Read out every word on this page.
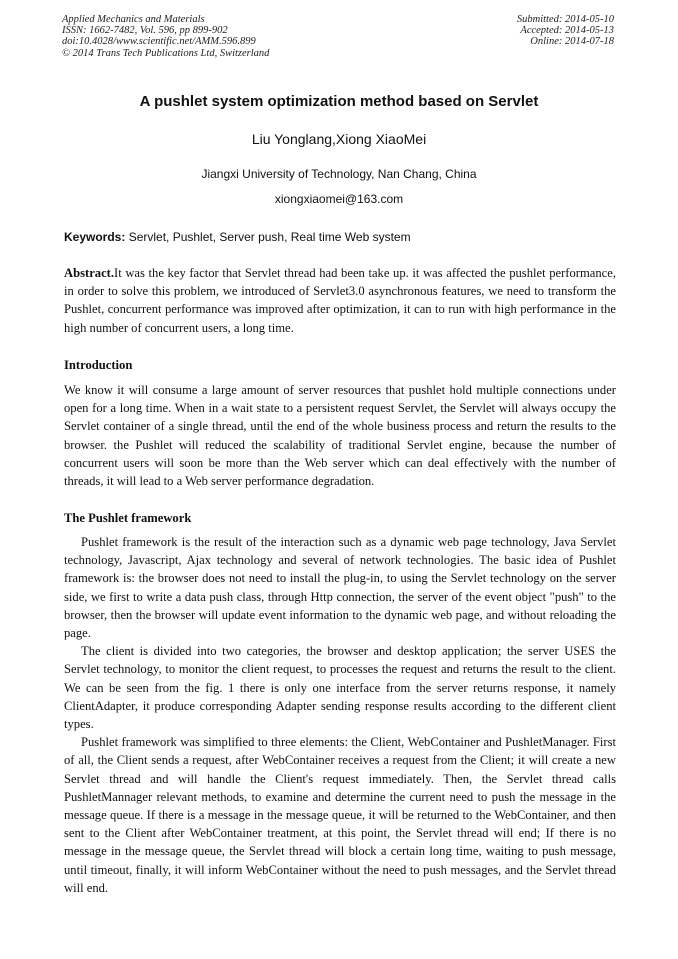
Applied Mechanics and Materials
ISSN: 1662-7482, Vol. 596, pp 899-902
doi:10.4028/www.scientific.net/AMM.596.899
© 2014 Trans Tech Publications Ltd, Switzerland
Submitted: 2014-05-10
Accepted: 2014-05-13
Online: 2014-07-18
A pushlet system optimization method based on Servlet
Liu Yonglang,Xiong XiaoMei
Jiangxi University of Technology, Nan Chang, China
xiongxiaomei@163.com
Keywords: Servlet, Pushlet, Server push, Real time Web system
Abstract.It was the key factor that Servlet thread had been take up. it was affected the pushlet performance, in order to solve this problem, we introduced of Servlet3.0 asynchronous features, we need to transform the Pushlet, concurrent performance was improved after optimization, it can to run with high performance in the high number of concurrent users, a long time.
Introduction
We know it will consume a large amount of server resources that pushlet hold multiple connections under open for a long time. When in a wait state to a persistent request Servlet, the Servlet will always occupy the Servlet container of a single thread, until the end of the whole business process and return the results to the browser. the Pushlet will reduced the scalability of traditional Servlet engine, because the number of concurrent users will soon be more than the Web server which can deal effectively with the number of threads, it will lead to a Web server performance degradation.
The Pushlet framework

Pushlet framework is the result of the interaction such as a dynamic web page technology, Java Servlet technology, Javascript, Ajax technology and several of network technologies. The basic idea of Pushlet framework is: the browser does not need to install the plug-in, to using the Servlet technology on the server side, we first to write a data push class, through Http connection, the server of the event object "push" to the browser, then the browser will update event information to the dynamic web page, and without reloading the page.

The client is divided into two categories, the browser and desktop application; the server USES the Servlet technology, to monitor the client request, to processes the request and returns the result to the client. We can be seen from the fig. 1 there is only one interface from the server returns response, it namely ClientAdapter, it produce corresponding Adapter sending response results according to the different client types.

Pushlet framework was simplified to three elements: the Client, WebContainer and PushletManager. First of all, the Client sends a request, after WebContainer receives a request from the Client; it will create a new Servlet thread and will handle the Client's request immediately. Then, the Servlet thread calls PushletMannager relevant methods, to examine and determine the current need to push the message in the message queue. If there is a message in the message queue, it will be returned to the WebContainer, and then sent to the Client after WebContainer treatment, at this point, the Servlet thread will end; If there is no message in the message queue, the Servlet thread will block a certain long time, waiting to push message, until timeout, finally, it will inform WebContainer without the need to push messages, and the Servlet thread will end.
